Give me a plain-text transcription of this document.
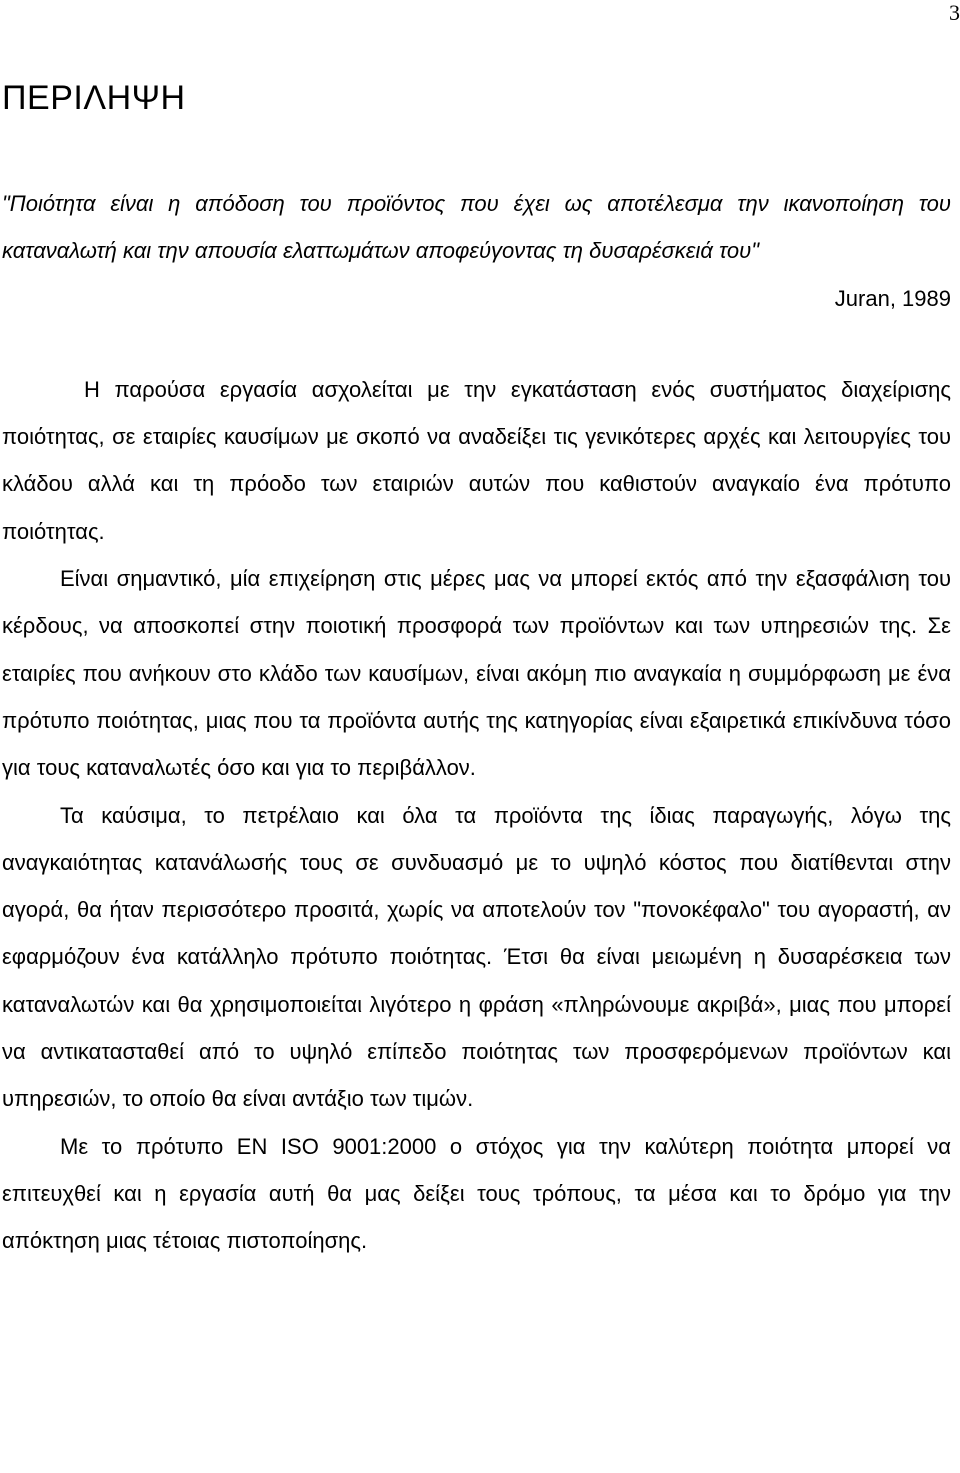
3
ΠΕΡΙΛΗΨΗ

"Ποιότητα είναι η απόδοση του προϊόντος που έχει ως αποτέλεσμα την ικανοποίηση του καταναλωτή και την απουσία ελαττωμάτων αποφεύγοντας τη δυσαρέσκειά του"

Juran, 1989

Η παρούσα εργασία ασχολείται με την εγκατάσταση ενός συστήματος διαχείρισης ποιότητας, σε εταιρίες καυσίμων με σκοπό να αναδείξει τις γενικότερες αρχές και λειτουργίες του κλάδου αλλά και τη πρόοδο των εταιριών αυτών που καθιστούν αναγκαίο ένα πρότυπο ποιότητας.

Είναι σημαντικό, μία επιχείρηση στις μέρες μας να μπορεί εκτός από την εξασφάλιση του κέρδους, να αποσκοπεί στην ποιοτική προσφορά των προϊόντων και των υπηρεσιών της. Σε εταιρίες που ανήκουν στο κλάδο των καυσίμων, είναι ακόμη πιο αναγκαία η συμμόρφωση με ένα πρότυπο ποιότητας, μιας που τα προϊόντα αυτής της κατηγορίας είναι εξαιρετικά επικίνδυνα τόσο για τους καταναλωτές όσο και για το περιβάλλον.

Τα καύσιμα, το πετρέλαιο και όλα τα προϊόντα της ίδιας παραγωγής, λόγω της αναγκαιότητας κατανάλωσής τους σε συνδυασμό με το υψηλό κόστος που διατίθενται στην αγορά, θα ήταν περισσότερο προσιτά, χωρίς να αποτελούν τον "πονοκέφαλο" του αγοραστή, αν εφαρμόζουν ένα κατάλληλο πρότυπο ποιότητας. Έτσι θα είναι μειωμένη η δυσαρέσκεια των καταναλωτών και θα χρησιμοποιείται λιγότερο η φράση «πληρώνουμε ακριβά», μιας που μπορεί να αντικατασταθεί από το υψηλό επίπεδο ποιότητας των προσφερόμενων προϊόντων και υπηρεσιών, το οποίο θα είναι αντάξιο των τιμών.

Με το πρότυπο EN ISO 9001:2000 ο στόχος για την καλύτερη ποιότητα μπορεί να επιτευχθεί και η εργασία αυτή θα μας δείξει τους τρόπους, τα μέσα και το δρόμο για την απόκτηση μιας τέτοιας πιστοποίησης.
